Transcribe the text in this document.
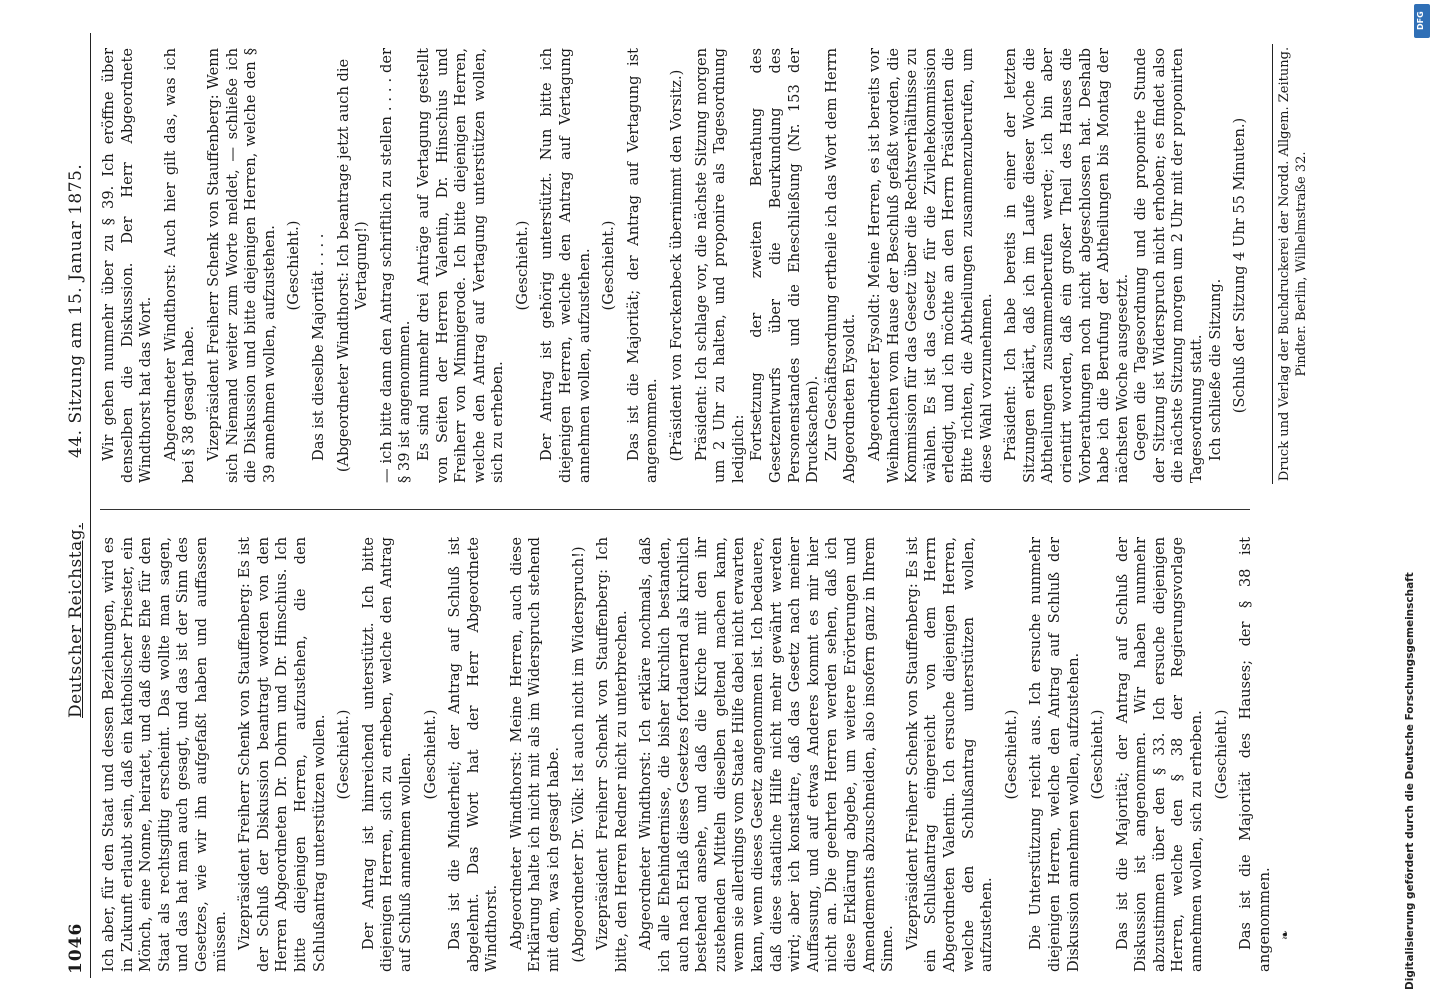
1046
Deutscher Reichstag.
44. Sitzung am 15. Januar 1875.

Ich aber, für den Staat und dessen Beziehungen, wird es in Zukunft erlaubt sein, daß ein katholischer Priester, ein Mönch, eine Nonne, heiratet, und daß diese Ehe für den Staat als rechtsgiltig erscheint. Das wollte man sagen, und das hat man auch gesagt, und das ist der Sinn des Gesetzes, wie wir ihn aufgefaßt haben und auffassen müssen. Vizepräsident Freiherr Schenk von Stauffenberg: Es ist der Schluß der Diskussion beantragt worden von den Herren Abgeordneten Dr. Dohrn und Dr. Hinschius. Ich bitte diejenigen Herren, aufzustehen, die den Schlußantrag unterstützen wollen. (Geschieht.) Der Antrag ist hinreichend unterstützt. Ich bitte diejenigen Herren, sich zu erheben, welche den Antrag auf Schluß annehmen wollen. (Geschieht.) Das ist die Minderheit; der Antrag auf Schluß ist abgelehnt. Das Wort hat der Herr Abgeordnete Windthorst. Abgeordneter Windthorst: Meine Herren, auch diese Erklärung halte ich nicht mit als im Widerspruch stehend mit dem, was ich gesagt habe. (Abgeordneter Dr. Völk: Ist auch nicht im Widerspruch!) Vizepräsident Freiherr Schenk von Stauffenberg: Ich bitte, den Herren Redner nicht zu unterbrechen. Abgeordneter Windthorst: Ich erkläre nochmals, daß ich alle Ehehindernisse, die bisher kirchlich bestanden, auch nach Erlaß dieses Gesetzes fortdauernd als kirchlich bestehend ansehe, und daß die Kirche mit den ihr zustehenden Mitteln dieselben geltend machen kann, wenn sie allerdings vom Staate Hilfe dabei nicht erwarten kann, wenn dieses Gesetz angenommen ist. Ich bedauere, daß diese staatliche Hilfe nicht mehr gewährt werden wird; aber ich konstatire, daß das Gesetz nach meiner Auffassung, und auf etwas Anderes kommt es mir hier nicht an. Die geehrten Herren werden sehen, daß ich diese Erklärung abgebe, um weitere Erörterungen und Amendements abzuschneiden, also insofern ganz in Ihrem Sinne. Vizepräsident Freiherr Schenk von Stauffenberg: Es ist ein Schlußantrag eingereicht von dem Herrn Abgeordneten Valentin. Ich ersuche diejenigen Herren, welche den Schlußantrag unterstützen wollen, aufzustehen.

(Geschieht.) Die Unterstützung reicht aus. Ich ersuche nunmehr diejenigen Herren, welche den Antrag auf Schluß der Diskussion annehmen wollen, aufzustehen. (Geschieht.) Das ist die Majorität; der Antrag auf Schluß der Diskussion ist angenommen. Wir haben nunmehr abzustimmen über den § 33. Ich ersuche diejenigen Herren, welche den § 38 der Regierungsvorlage annehmen wollen, sich zu erheben. (Geschieht.) Das ist die Majorität des Hauses; der § 38 ist angenommen.

Wir gehen nunmehr über zu § 39. Ich eröffne über denselben die Diskussion. Der Herr Abgeordnete Windthorst hat das Wort. Abgeordneter Windthorst: Auch hier gilt das, was ich bei § 38 gesagt habe. Vizepräsident Freiherr Schenk von Stauffenberg: Wenn sich Niemand weiter zum Worte meldet, — schließe ich die Diskussion und bitte diejenigen Herren, welche den § 39 annehmen wollen, aufzustehen. (Geschieht.) Das ist dieselbe Majorität . . . . (Abgeordneter Windthorst: Ich beantrage jetzt auch die Vertagung!) — ich bitte dann den Antrag schriftlich zu stellen . . . . der § 39 ist angenommen. Es sind nunmehr drei Anträge auf Vertagung gestellt von Seiten der Herren Valentin, Dr. Hinschius und Freiherr von Minnigerode. Ich bitte diejenigen Herren, welche den Antrag auf Vertagung unterstützen wollen, sich zu erheben.

(Geschieht.) Der Antrag ist gehörig unterstützt. Nun bitte ich diejenigen Herren, welche den Antrag auf Vertagung annehmen wollen, aufzustehen. (Geschieht.) Das ist die Majorität; der Antrag auf Vertagung ist angenommen. (Präsident von Forckenbeck übernimmt den Vorsitz.) Präsident: Ich schlage vor, die nächste Sitzung morgen um 2 Uhr zu halten, und proponire als Tagesordnung lediglich: Fortsetzung der zweiten Berathung des Gesetzentwurfs über die Beurkundung des Personenstandes und die Eheschließung (Nr. 153 der Drucksachen). Zur Geschäftsordnung ertheile ich das Wort dem Herrn Abgeordneten Eysoldt. Abgeordneter Eysoldt: Meine Herren, es ist bereits vor Weihnachten vom Hause der Beschluß gefaßt worden, die Kommission für das Gesetz über die Rechtsverhältnisse zu wählen. Es ist das Gesetz für die Zivilehekommission erledigt, und ich möchte an den Herrn Präsidenten die Bitte richten, die Abtheilungen zusammenzuberufen, um diese Wahl vorzunehmen. Präsident: Ich habe bereits in einer der letzten Sitzungen erklärt, daß ich im Laufe dieser Woche die Abtheilungen zusammenberufen werde; ich bin aber orientirt worden, daß ein großer Theil des Hauses die Vorberathungen noch nicht abgeschlossen hat. Deshalb habe ich die Berufung der Abtheilungen bis Montag der nächsten Woche ausgesetzt. Gegen die Tagesordnung und die proponirte Stunde der Sitzung ist Widerspruch nicht erhoben; es findet also die nächste Sitzung morgen um 2 Uhr mit der proponirten Tagesordnung statt. Ich schließe die Sitzung. (Schluß der Sitzung 4 Uhr 55 Minuten.)

❧
Druck und Verlag der Buchdruckerei der Nordd. Allgem. Zeitung. Pindter. Berlin, Wilhelmstraße 32.
Digitalisierung gefördert durch die Deutsche Forschungsgemeinschaft
DFG
